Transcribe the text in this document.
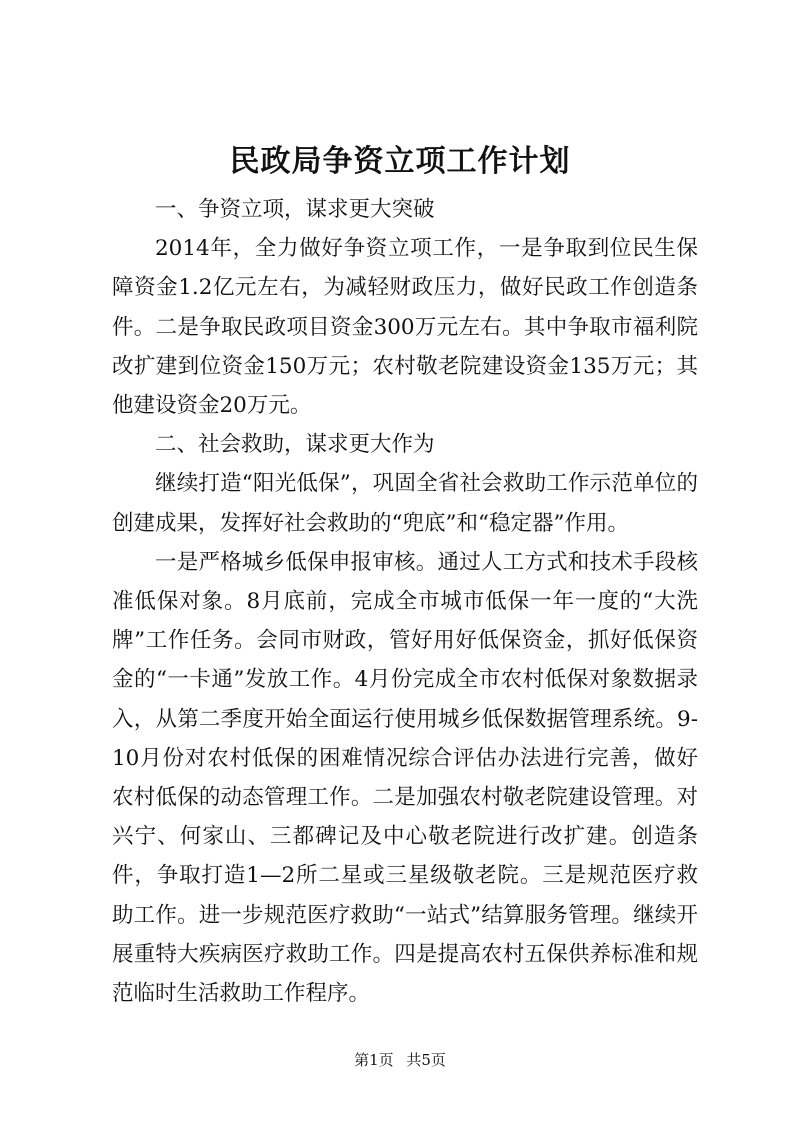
民政局争资立项工作计划

一、争资立项，谋求更大突破

2014年，全力做好争资立项工作，一是争取到位民生保障资金1.2亿元左右，为减轻财政压力，做好民政工作创造条件。二是争取民政项目资金300万元左右。其中争取市福利院改扩建到位资金150万元；农村敬老院建设资金135万元；其他建设资金20万元。

二、社会救助，谋求更大作为

继续打造“阳光低保”，巩固全省社会救助工作示范单位的创建成果，发挥好社会救助的“兜底”和“稳定器”作用。

一是严格城乡低保申报审核。通过人工方式和技术手段核准低保对象。8月底前，完成全市城市低保一年一度的“大洗牌”工作任务。会同市财政，管好用好低保资金，抓好低保资金的“一卡通”发放工作。4月份完成全市农村低保对象数据录入，从第二季度开始全面运行使用城乡低保数据管理系统。9-10月份对农村低保的困难情况综合评估办法进行完善，做好农村低保的动态管理工作。二是加强农村敬老院建设管理。对兴宁、何家山、三都碑记及中心敬老院进行改扩建。创造条件，争取打造1—2所二星或三星级敬老院。三是规范医疗救助工作。进一步规范医疗救助“一站式”结算服务管理。继续开展重特大疾病医疗救助工作。四是提高农村五保供养标准和规范临时生活救助工作程序。

第1页 共5页
